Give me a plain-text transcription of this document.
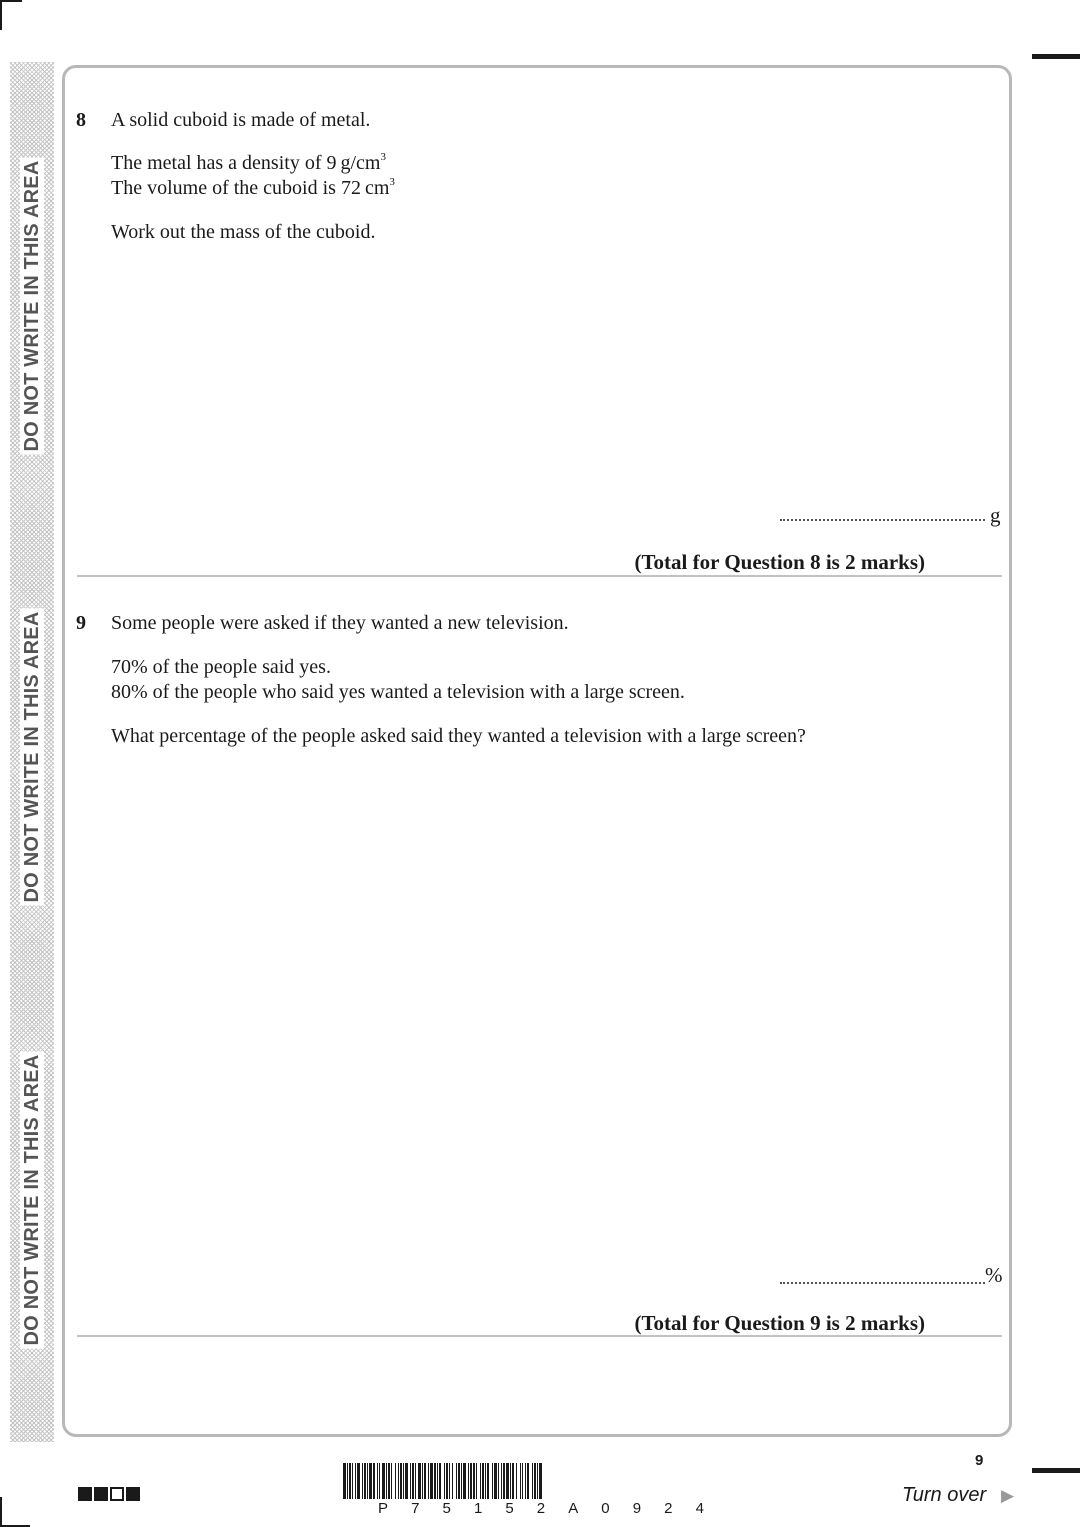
DO NOT WRITE IN THIS AREA
DO NOT WRITE IN THIS AREA
DO NOT WRITE IN THIS AREA
8 A solid cuboid is made of metal.
The metal has a density of 9 $g/cm^3$
The volume of the cuboid is 72 $cm^3$
Work out the mass of the cuboid.
g
(Total for Question 8 is 2 marks)
9 Some people were asked if they wanted a new television.
70% of the people said yes.
80% of the people who said yes wanted a television with a large screen.
What percentage of the people asked said they wanted a television with a large screen?
%
(Total for Question 9 is 2 marks)
P 7 5 1 5 2 A 0 9 2 4
9
Turn over ▶
